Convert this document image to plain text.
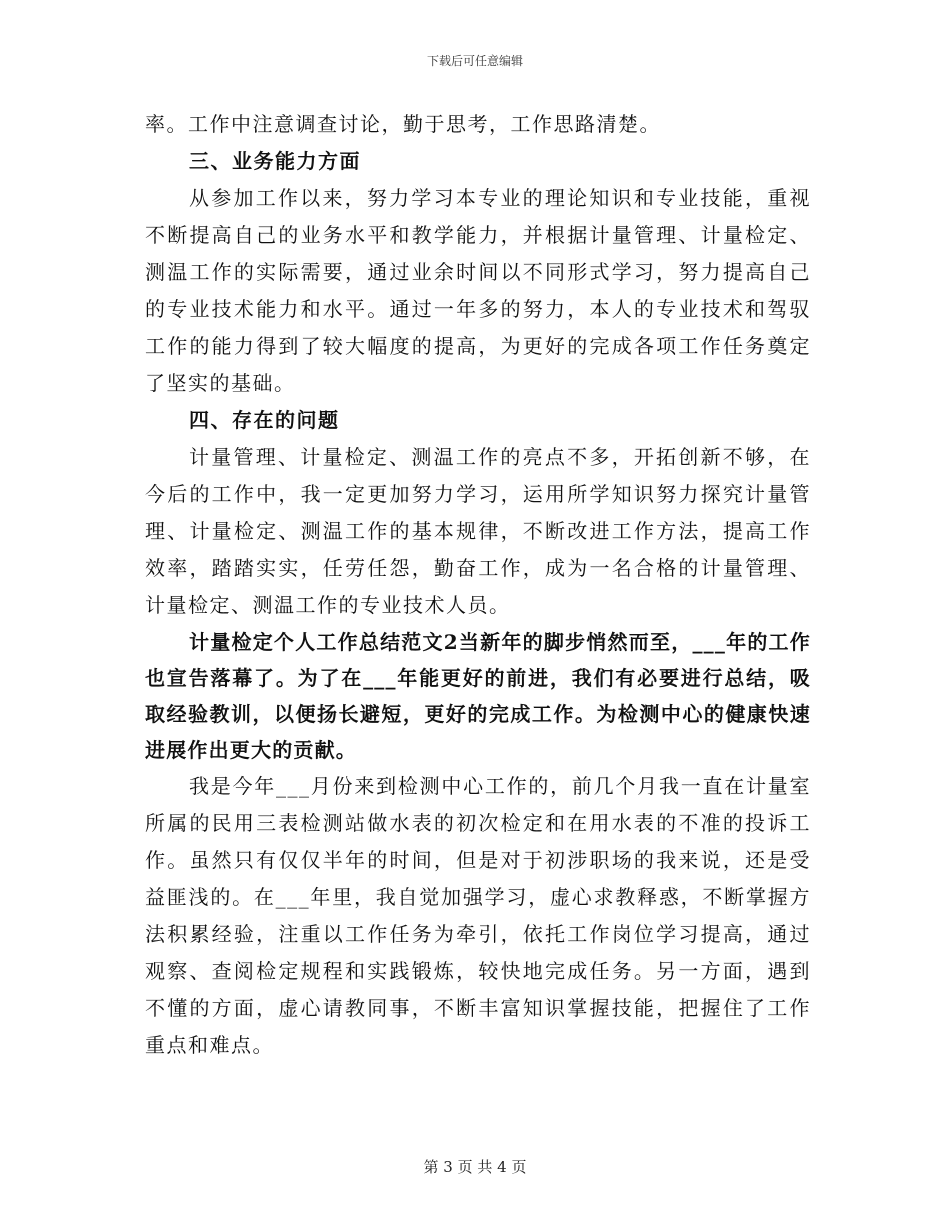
下载后可任意编辑

率。工作中注意调查讨论，勤于思考，工作思路清楚。

三、业务能力方面

从参加工作以来，努力学习本专业的理论知识和专业技能，重视不断提高自己的业务水平和教学能力，并根据计量管理、计量检定、测温工作的实际需要，通过业余时间以不同形式学习，努力提高自己的专业技术能力和水平。通过一年多的努力，本人的专业技术和驾驭工作的能力得到了较大幅度的提高，为更好的完成各项工作任务奠定了坚实的基础。

四、存在的问题

计量管理、计量检定、测温工作的亮点不多，开拓创新不够，在今后的工作中，我一定更加努力学习，运用所学知识努力探究计量管理、计量检定、测温工作的基本规律，不断改进工作方法，提高工作效率，踏踏实实，任劳任怨，勤奋工作，成为一名合格的计量管理、计量检定、测温工作的专业技术人员。

计量检定个人工作总结范文2当新年的脚步悄然而至，___年的工作也宣告落幕了。为了在___年能更好的前进，我们有必要进行总结，吸取经验教训，以便扬长避短，更好的完成工作。为检测中心的健康快速进展作出更大的贡献。

我是今年___月份来到检测中心工作的，前几个月我一直在计量室所属的民用三表检测站做水表的初次检定和在用水表的不准的投诉工作。虽然只有仅仅半年的时间，但是对于初涉职场的我来说，还是受益匪浅的。在___年里，我自觉加强学习，虚心求教释惑，不断掌握方法积累经验，注重以工作任务为牵引，依托工作岗位学习提高，通过观察、查阅检定规程和实践锻炼，较快地完成任务。另一方面，遇到不懂的方面，虚心请教同事，不断丰富知识掌握技能，把握住了工作重点和难点。

第 3 页 共 4 页
